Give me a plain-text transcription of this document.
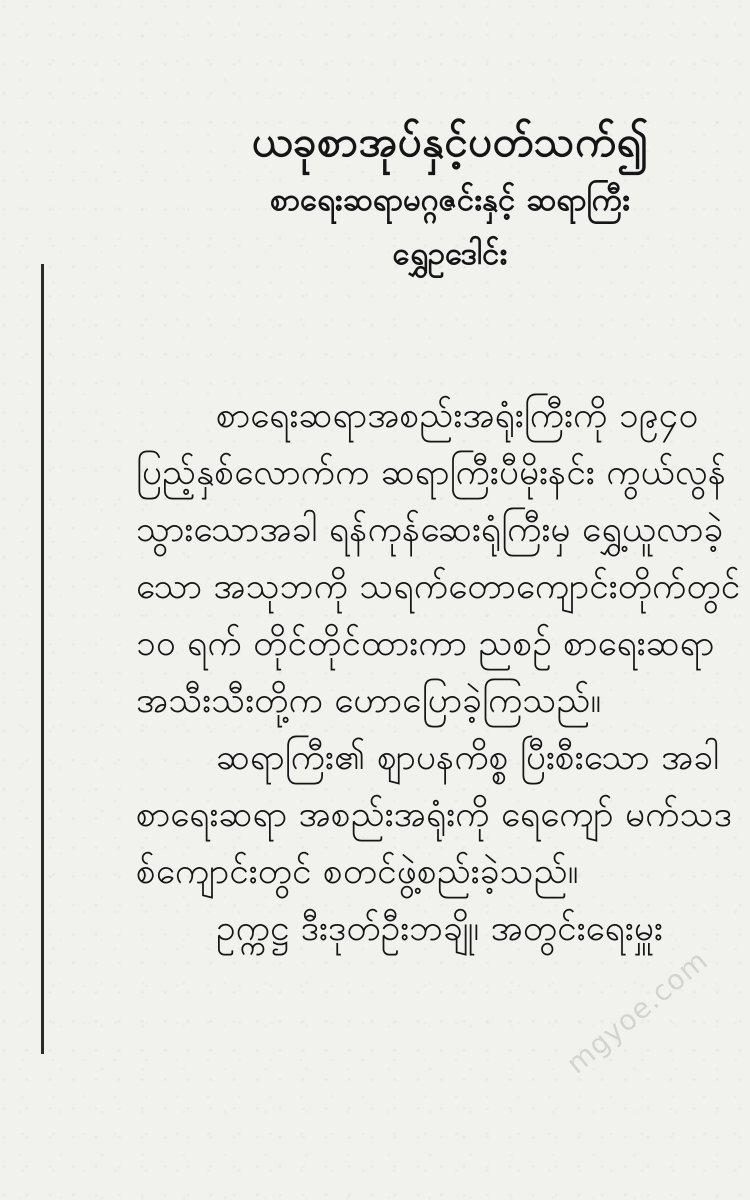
ယခုစာအုပ်နှင့်ပတ်သက်၍
စာရေးဆရာမဂ္ဂဇင်းနှင့် ဆရာကြီး
ရွှေဥဒေါင်း

စာရေးဆရာအစည်းအရုံးကြီးကို ၁၉၄၀ ပြည့်နှစ်လောက်က ဆရာကြီးပီမိုးနင်း ကွယ်လွန်သွားသောအခါ ရန်ကုန်ဆေးရုံကြီးမှ ရွှေ့ယူလာခဲ့သော အသုဘကို သရက်တောကျောင်းတိုက်တွင် ၁၀ ရက် တိုင်တိုင်ထားကာ ညစဉ် စာရေးဆရာ အသီးသီးတို့က ဟောပြောခဲ့ကြသည်။

ဆရာကြီး၏ ဈာပနကိစ္စ ပြီးစီးသော အခါ စာရေးဆရာ အစည်းအရုံးကို ရေကျော် မက်သဒစ်ကျောင်းတွင် စတင်ဖွဲ့စည်းခဲ့သည်။

ဥက္ကဋ္ဌ ဒီးဒုတ်ဦးဘချို၊ အတွင်းရေးမှူး

mgyoe.com
